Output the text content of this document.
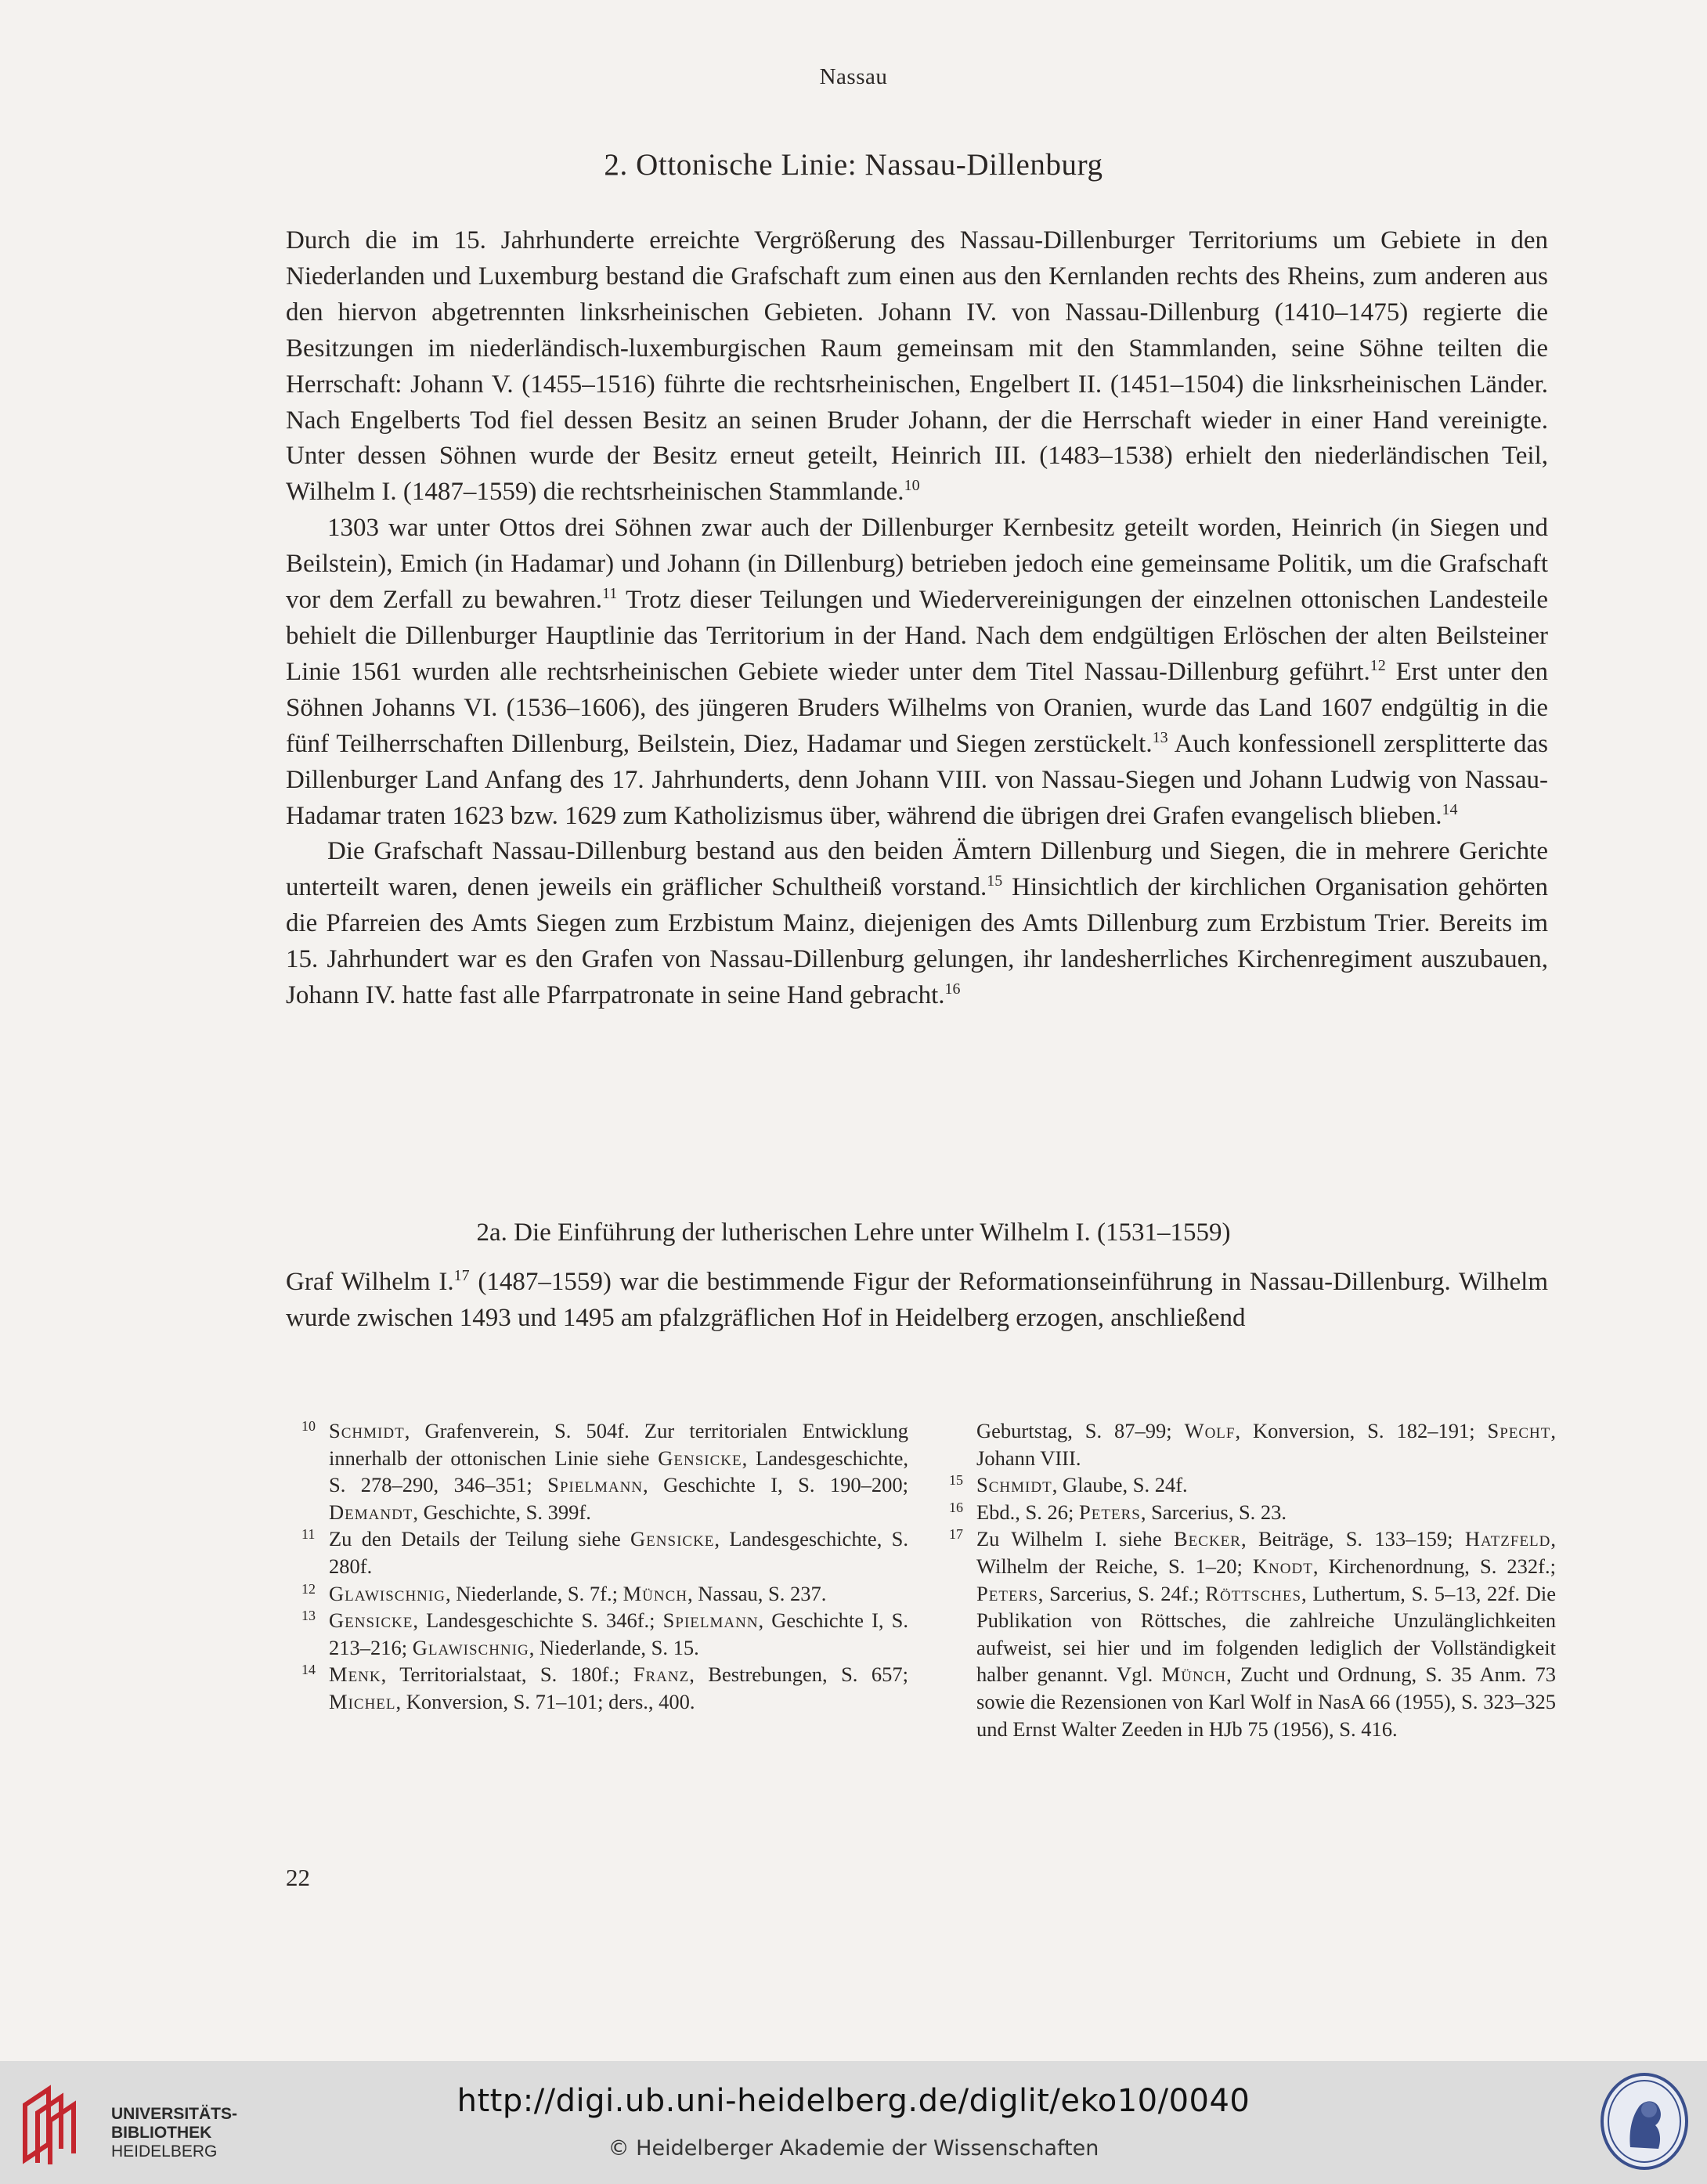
Nassau
2. Ottonische Linie: Nassau-Dillenburg

Durch die im 15. Jahrhunderte erreichte Vergrößerung des Nassau-Dillenburger Territoriums um Gebiete in den Niederlanden und Luxemburg bestand die Grafschaft zum einen aus den Kernlanden rechts des Rheins, zum anderen aus den hiervon abgetrennten linksrheinischen Gebieten. Johann IV. von Nassau-Dillenburg (1410–1475) regierte die Besitzungen im niederländisch-luxemburgischen Raum gemeinsam mit den Stammlanden, seine Söhne teilten die Herrschaft: Johann V. (1455–1516) führte die rechtsrheinischen, Engelbert II. (1451–1504) die linksrheinischen Länder. Nach Engelberts Tod fiel dessen Besitz an seinen Bruder Johann, der die Herrschaft wieder in einer Hand vereinigte. Unter dessen Söhnen wurde der Besitz erneut geteilt, Heinrich III. (1483–1538) erhielt den niederländischen Teil, Wilhelm I. (1487–1559) die rechtsrheinischen Stammlande.$^{10}$

1303 war unter Ottos drei Söhnen zwar auch der Dillenburger Kernbesitz geteilt worden, Heinrich (in Siegen und Beilstein), Emich (in Hadamar) und Johann (in Dillenburg) betrieben jedoch eine gemeinsame Politik, um die Grafschaft vor dem Zerfall zu bewahren.$^{11}$ Trotz dieser Teilungen und Wiedervereinigungen der einzelnen ottonischen Landesteile behielt die Dillenburger Hauptlinie das Territorium in der Hand. Nach dem endgültigen Erlöschen der alten Beilsteiner Linie 1561 wurden alle rechtsrheinischen Gebiete wieder unter dem Titel Nassau-Dillenburg geführt.$^{12}$ Erst unter den Söhnen Johanns VI. (1536–1606), des jüngeren Bruders Wilhelms von Oranien, wurde das Land 1607 endgültig in die fünf Teilherrschaften Dillenburg, Beilstein, Diez, Hadamar und Siegen zerstückelt.$^{13}$ Auch konfessionell zersplitterte das Dillenburger Land Anfang des 17. Jahrhunderts, denn Johann VIII. von Nassau-Siegen und Johann Ludwig von Nassau-Hadamar traten 1623 bzw. 1629 zum Katholizismus über, während die übrigen drei Grafen evangelisch blieben.$^{14}$

Die Grafschaft Nassau-Dillenburg bestand aus den beiden Ämtern Dillenburg und Siegen, die in mehrere Gerichte unterteilt waren, denen jeweils ein gräflicher Schultheiß vorstand.$^{15}$ Hinsichtlich der kirchlichen Organisation gehörten die Pfarreien des Amts Siegen zum Erzbistum Mainz, diejenigen des Amts Dillenburg zum Erzbistum Trier. Bereits im 15. Jahrhundert war es den Grafen von Nassau-Dillenburg gelungen, ihr landesherrliches Kirchenregiment auszubauen, Johann IV. hatte fast alle Pfarrpatronate in seine Hand gebracht.$^{16}$

2a. Die Einführung der lutherischen Lehre unter Wilhelm I. (1531–1559)

Graf Wilhelm I.$^{17}$ (1487–1559) war die bestimmende Figur der Reformationseinführung in Nassau-Dillenburg. Wilhelm wurde zwischen 1493 und 1495 am pfalzgräflichen Hof in Heidelberg erzogen, anschließend

10 Schmidt, Grafenverein, S. 504f. Zur territorialen Entwicklung innerhalb der ottonischen Linie siehe Gensicke, Landesgeschichte, S. 278–290, 346–351; Spielmann, Geschichte I, S. 190–200; Demandt, Geschichte, S. 399f.
11 Zu den Details der Teilung siehe Gensicke, Landesgeschichte, S. 280f.
12 Glawischnig, Niederlande, S. 7f.; Münch, Nassau, S. 237.
13 Gensicke, Landesgeschichte S. 346f.; Spielmann, Geschichte I, S. 213–216; Glawischnig, Niederlande, S. 15.
14 Menk, Territorialstaat, S. 180f.; Franz, Bestrebungen, S. 657; Michel, Konversion, S. 71–101; ders., 400.
Geburtstag, S. 87–99; Wolf, Konversion, S. 182–191; Specht, Johann VIII.
15 Schmidt, Glaube, S. 24f.
16 Ebd., S. 26; Peters, Sarcerius, S. 23.
17 Zu Wilhelm I. siehe Becker, Beiträge, S. 133–159; Hatzfeld, Wilhelm der Reiche, S. 1–20; Knodt, Kirchenordnung, S. 232f.; Peters, Sarcerius, S. 24f.; Röttsches, Luthertum, S. 5–13, 22f. Die Publikation von Röttsches, die zahlreiche Unzulänglichkeiten aufweist, sei hier und im folgenden lediglich der Vollständigkeit halber genannt. Vgl. Münch, Zucht und Ordnung, S. 35 Anm. 73 sowie die Rezensionen von Karl Wolf in NasA 66 (1955), S. 323–325 und Ernst Walter Zeeden in HJb 75 (1956), S. 416.
22
UNIVERSITÄTS-
BIBLIOTHEK
HEIDELBERG
http://digi.ub.uni-heidelberg.de/diglit/eko10/0040
© Heidelberger Akademie der Wissenschaften
